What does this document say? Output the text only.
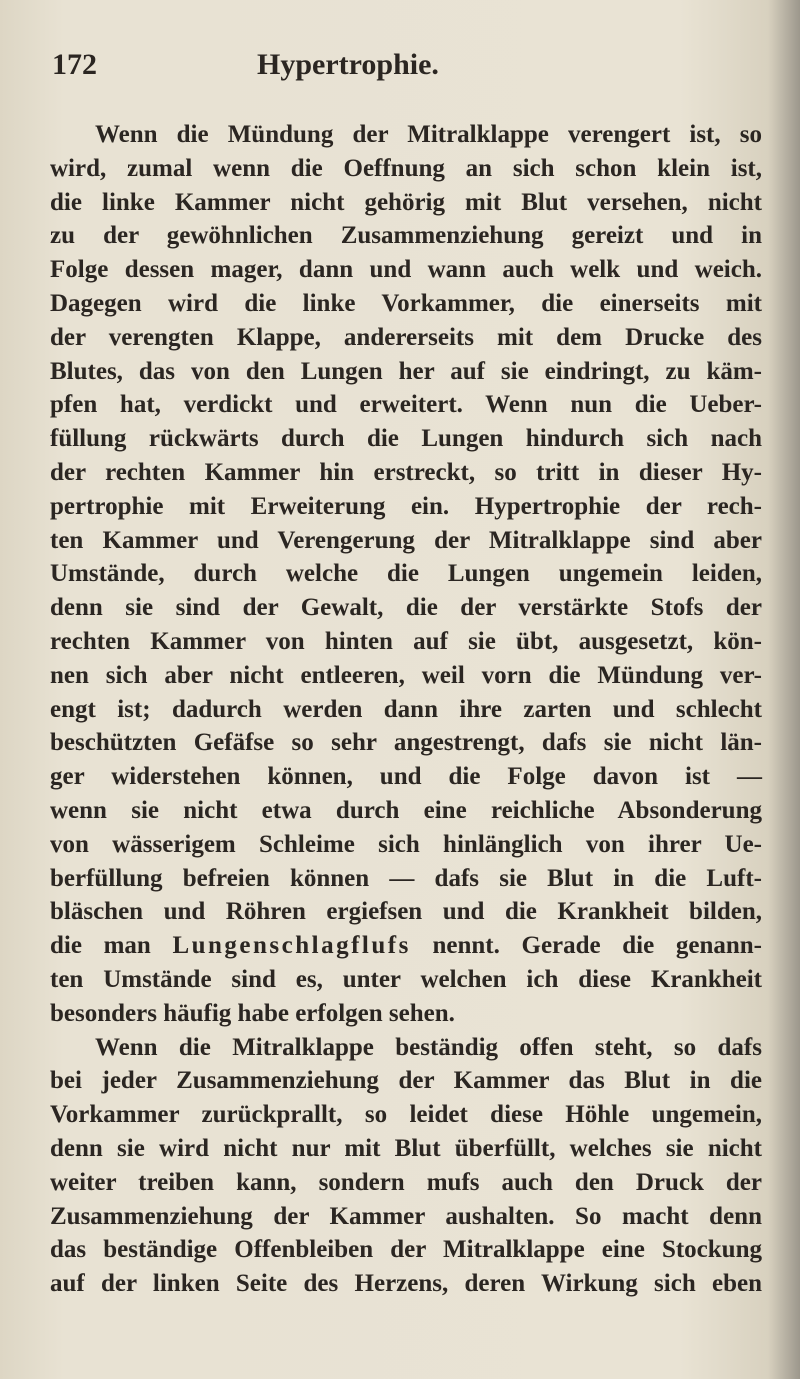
172	Hypertrophie.
Wenn die Mündung der Mitralklappe verengert ist, so
wird, zumal wenn die Oeffnung an sich schon klein ist,
die linke Kammer nicht gehörig mit Blut versehen, nicht
zu der gewöhnlichen Zusammenziehung gereizt und in
Folge dessen mager, dann und wann auch welk und weich.
Dagegen wird die linke Vorkammer, die einerseits mit
der verengten Klappe, andererseits mit dem Drucke des
Blutes, das von den Lungen her auf sie eindringt, zu käm-
pfen hat, verdickt und erweitert. Wenn nun die Ueber-
füllung rückwärts durch die Lungen hindurch sich nach
der rechten Kammer hin erstreckt, so tritt in dieser Hy-
pertrophie mit Erweiterung ein. Hypertrophie der rech-
ten Kammer und Verengerung der Mitralklappe sind aber
Umstände, durch welche die Lungen ungemein leiden,
denn sie sind der Gewalt, die der verstärkte Stofs der
rechten Kammer von hinten auf sie übt, ausgesetzt, kön-
nen sich aber nicht entleeren, weil vorn die Mündung ver-
engt ist; dadurch werden dann ihre zarten und schlecht
beschützten Gefäfse so sehr angestrengt, dafs sie nicht län-
ger widerstehen können, und die Folge davon ist —
wenn sie nicht etwa durch eine reichliche Absonderung
von wässerigem Schleime sich hinlänglich von ihrer Ue-
berfüllung befreien können — dafs sie Blut in die Luft-
bläschen und Röhren ergiefsen und die Krankheit bilden,
die man Lungenschlagflufs nennt. Gerade die genann-
ten Umstände sind es, unter welchen ich diese Krankheit
besonders häufig habe erfolgen sehen.
Wenn die Mitralklappe beständig offen steht, so dafs
bei jeder Zusammenziehung der Kammer das Blut in die
Vorkammer zurückprallt, so leidet diese Höhle ungemein,
denn sie wird nicht nur mit Blut überfüllt, welches sie nicht
weiter treiben kann, sondern mufs auch den Druck der
Zusammenziehung der Kammer aushalten. So macht denn
das beständige Offenbleiben der Mitralklappe eine Stockung
auf der linken Seite des Herzens, deren Wirkung sich eben
